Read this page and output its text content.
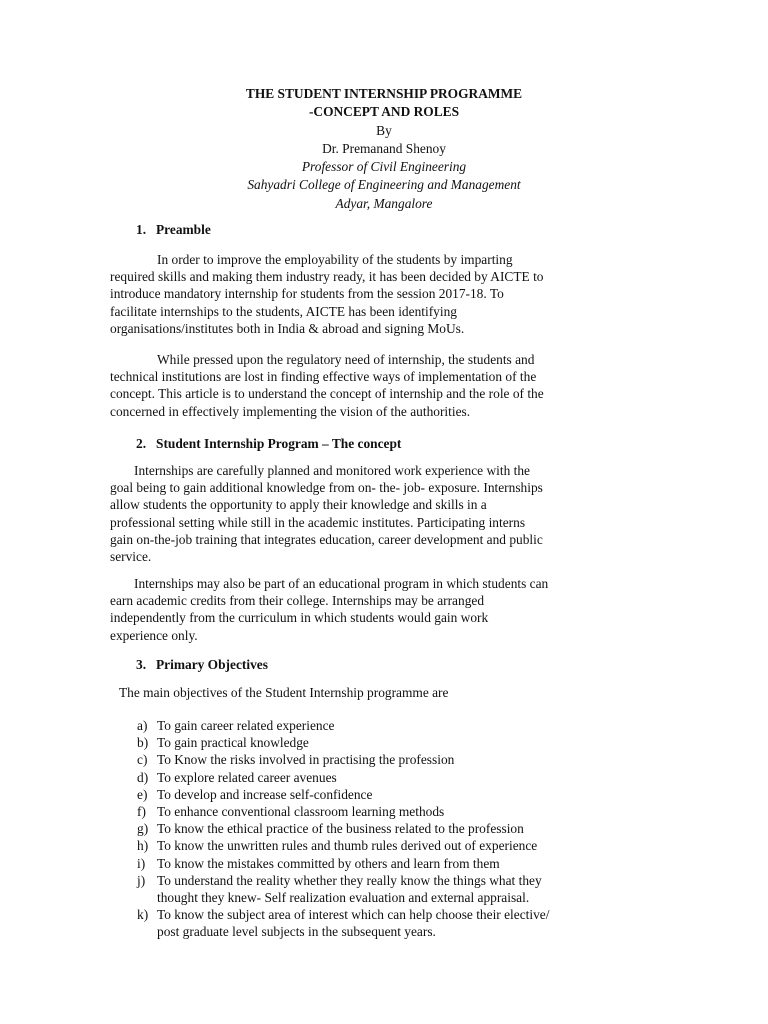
THE STUDENT INTERNSHIP PROGRAMME
-CONCEPT AND ROLES
By
Dr. Premanand Shenoy
Professor of Civil Engineering
Sahyadri College of Engineering and Management
Adyar, Mangalore
1. Preamble
In order to improve the employability of the students by imparting
required skills and making them industry ready, it has been decided by AICTE to
introduce mandatory internship for students from the session 2017-18. To
facilitate internships to the students, AICTE has been identifying
organisations/institutes both in India & abroad and signing MoUs.
While pressed upon the regulatory need of internship, the students and
technical institutions are lost in finding effective ways of implementation of the
concept. This article is to understand the concept of internship and the role of the
concerned in effectively implementing the vision of the authorities.
2. Student Internship Program – The concept
Internships are carefully planned and monitored work experience with the
goal being to gain additional knowledge from on- the- job- exposure. Internships
allow students the opportunity to apply their knowledge and skills in a
professional setting while still in the academic institutes. Participating interns
gain on-the-job training that integrates education, career development and public
service.
Internships may also be part of an educational program in which students can
earn academic credits from their college. Internships may be arranged
independently from the curriculum in which students would gain work
experience only.
3. Primary Objectives
The main objectives of the Student Internship programme are
a) To gain career related experience
b) To gain practical knowledge
c) To Know the risks involved in practising the profession
d) To explore related career avenues
e) To develop and increase self-confidence
f) To enhance conventional classroom learning methods
g) To know the ethical practice of the business related to the profession
h) To know the unwritten rules and thumb rules derived out of experience
i) To know the mistakes committed by others and learn from them
j) To understand the reality whether they really know the things what they
thought they knew- Self realization evaluation and external appraisal.
k) To know the subject area of interest which can help choose their elective/
post graduate level subjects in the subsequent years.
